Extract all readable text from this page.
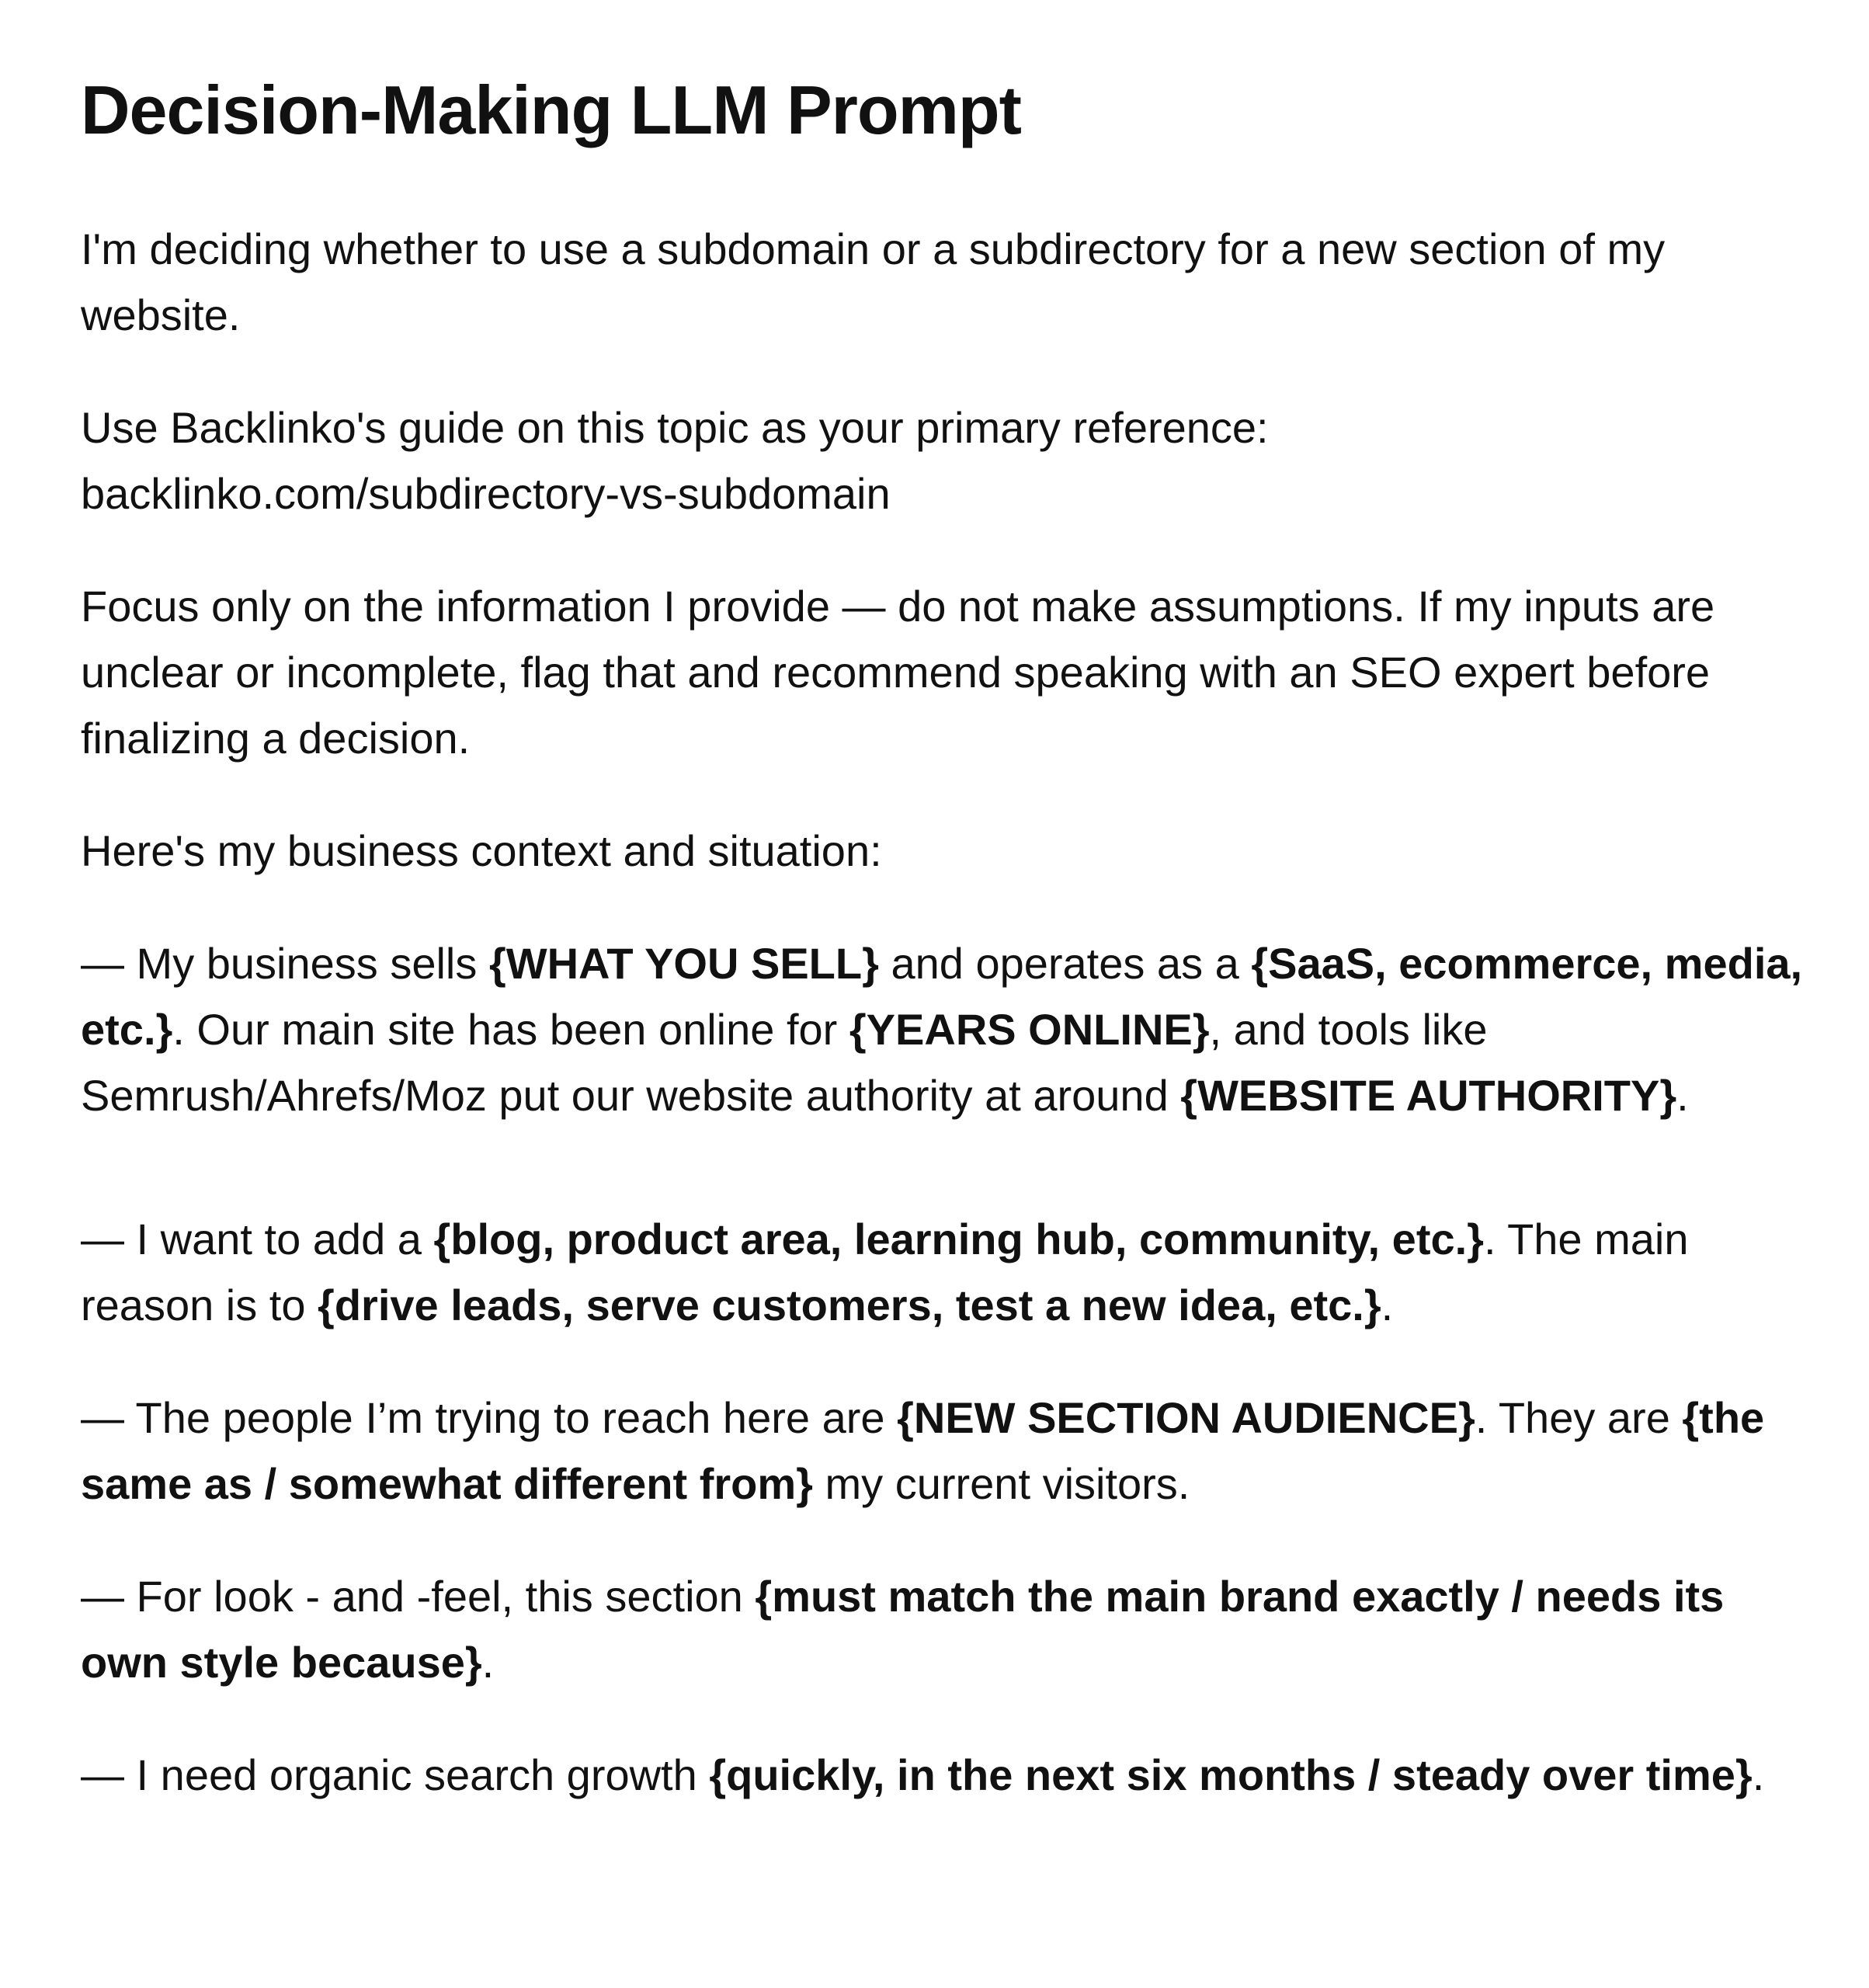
Decision-Making LLM Prompt

I'm deciding whether to use a subdomain or a subdirectory for a new section of my website.

Use Backlinko's guide on this topic as your primary reference:
backlinko.com/subdirectory-vs-subdomain

Focus only on the information I provide — do not make assumptions. If my inputs are unclear or incomplete, flag that and recommend speaking with an SEO expert before finalizing a decision.

Here's my business context and situation:

— My business sells {WHAT YOU SELL} and operates as a {SaaS, ecommerce, media, etc.}. Our main site has been online for {YEARS ONLINE}, and tools like Semrush/Ahrefs/Moz put our website authority at around {WEBSITE AUTHORITY}.

— I want to add a {blog, product area, learning hub, community, etc.}. The main reason is to {drive leads, serve customers, test a new idea, etc.}.

— The people I’m trying to reach here are {NEW SECTION AUDIENCE}. They are {the same as / somewhat different from} my current visitors.

— For look - and -feel, this section {must match the main brand exactly / needs its own style because}.

— I need organic search growth {quickly, in the next six months / steady over time}.
